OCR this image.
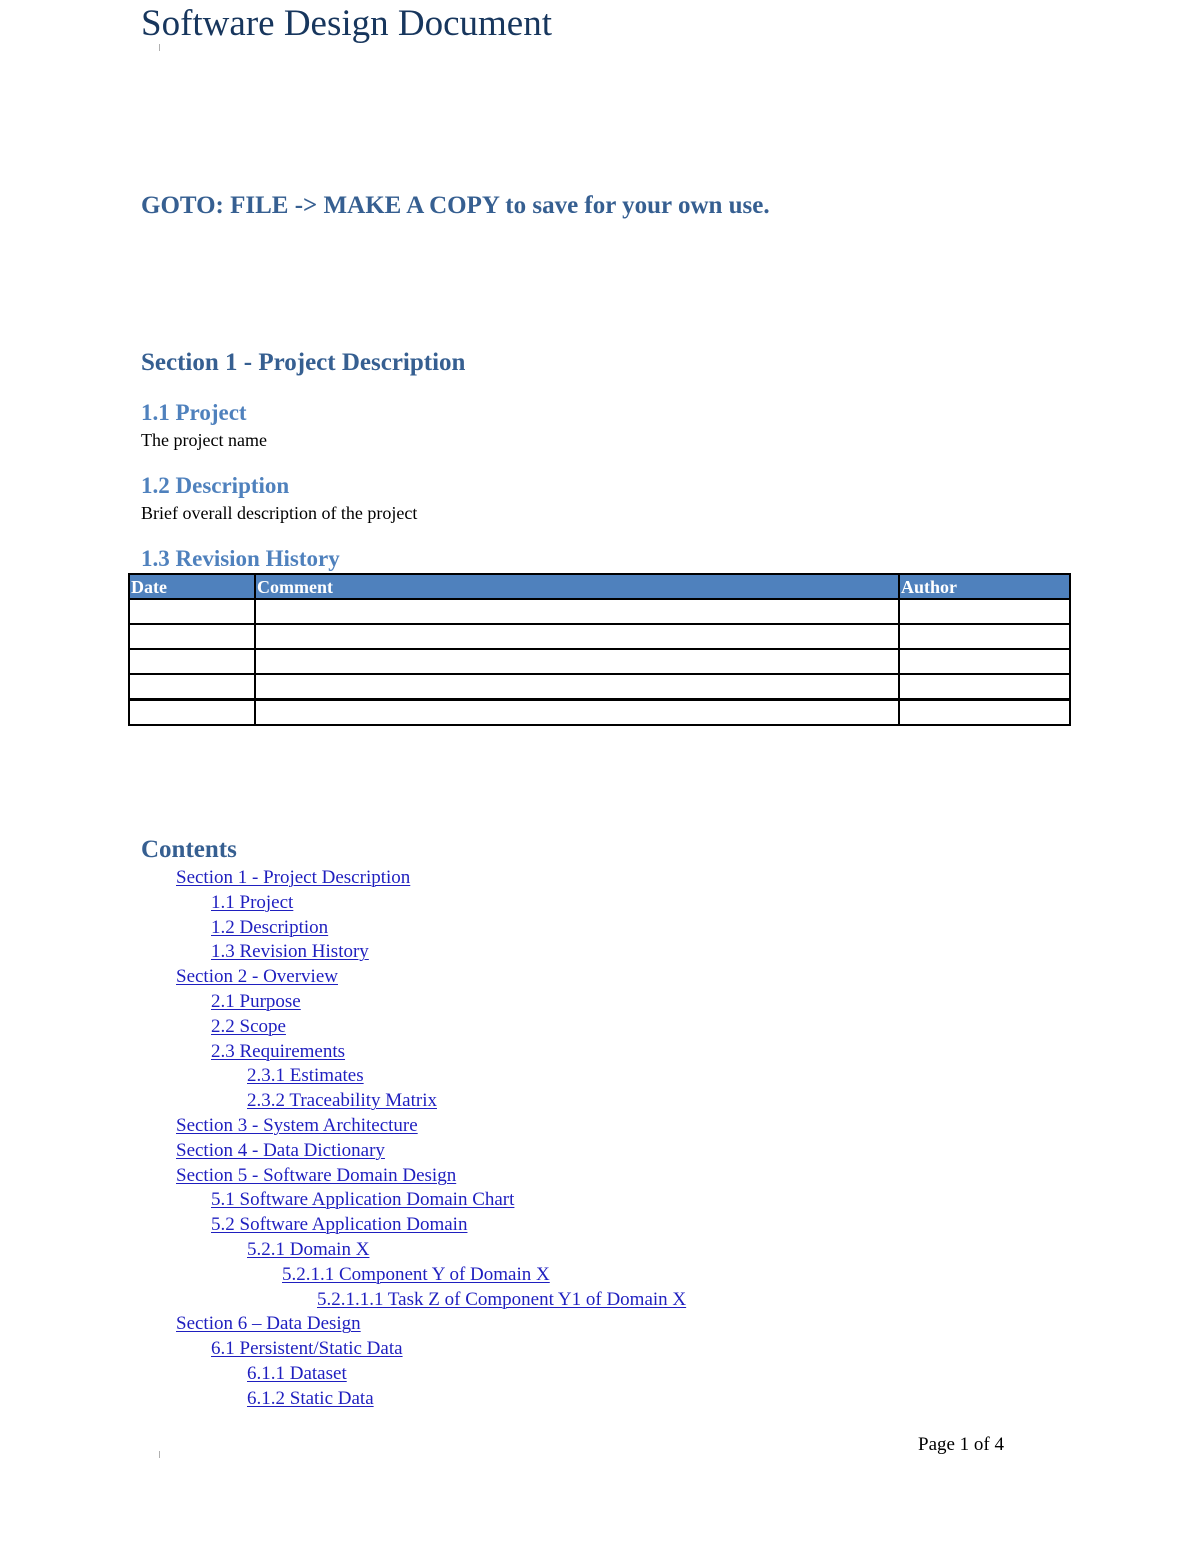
Software Design Document
GOTO: FILE -> MAKE A COPY to save for your own use.
Section 1 - Project Description
1.1 Project
The project name
1.2 Description
Brief overall description of the project
1.3 Revision History
Date	Comment	Author

Contents
Section 1 - Project Description
1.1 Project
1.2 Description
1.3 Revision History
Section 2 - Overview
2.1 Purpose
2.2 Scope
2.3 Requirements
2.3.1 Estimates
2.3.2 Traceability Matrix
Section 3 - System Architecture
Section 4 - Data Dictionary
Section 5 - Software Domain Design
5.1 Software Application Domain Chart
5.2 Software Application Domain
5.2.1 Domain X
5.2.1.1 Component Y of Domain X
5.2.1.1.1 Task Z of Component Y1 of Domain X
Section 6 – Data Design
6.1 Persistent/Static Data
6.1.1 Dataset
6.1.2 Static Data
Page 1 of 4
